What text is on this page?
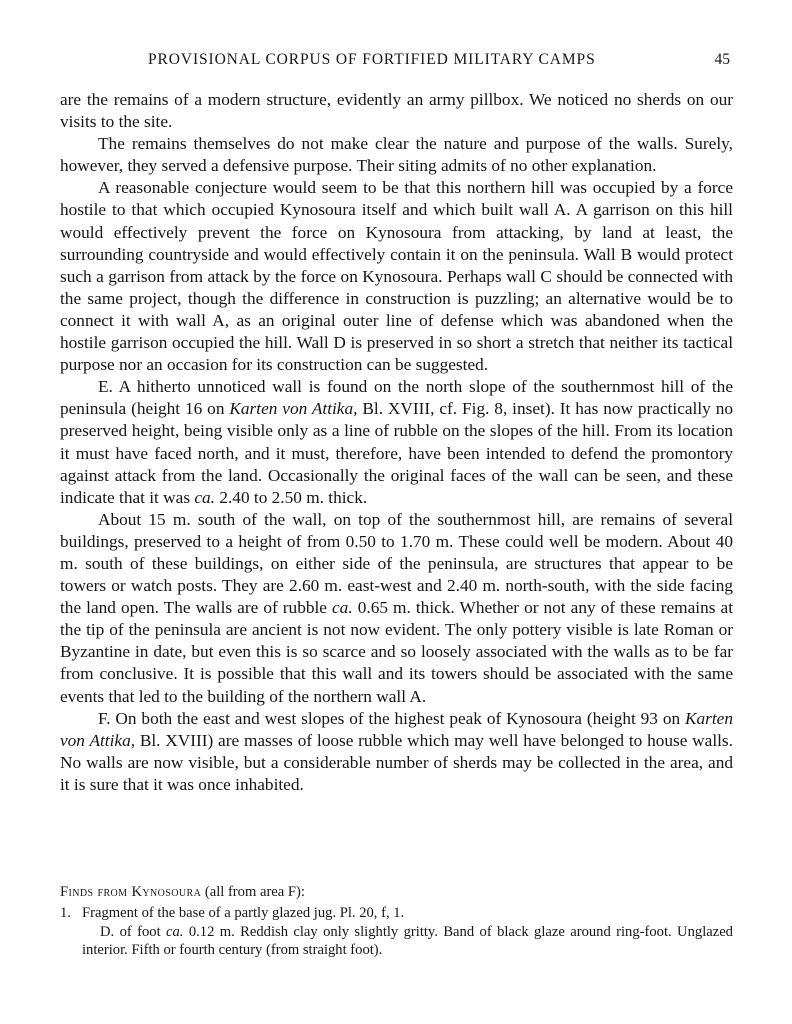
PROVISIONAL CORPUS OF FORTIFIED MILITARY CAMPS	45

are the remains of a modern structure, evidently an army pillbox. We noticed no sherds on our visits to the site.

The remains themselves do not make clear the nature and purpose of the walls. Surely, however, they served a defensive purpose. Their siting admits of no other explanation.

A reasonable conjecture would seem to be that this northern hill was occupied by a force hostile to that which occupied Kynosoura itself and which built wall A. A garrison on this hill would effectively prevent the force on Kynosoura from attacking, by land at least, the surrounding countryside and would effectively contain it on the peninsula. Wall B would protect such a garrison from attack by the force on Kynosoura. Perhaps wall C should be connected with the same project, though the difference in construction is puzzling; an alternative would be to connect it with wall A, as an original outer line of defense which was abandoned when the hostile garrison occupied the hill. Wall D is preserved in so short a stretch that neither its tactical purpose nor an occasion for its construction can be suggested.

E. A hitherto unnoticed wall is found on the north slope of the southernmost hill of the peninsula (height 16 on Karten von Attika, Bl. XVIII, cf. Fig. 8, inset). It has now practically no preserved height, being visible only as a line of rubble on the slopes of the hill. From its location it must have faced north, and it must, therefore, have been intended to defend the promontory against attack from the land. Occasionally the original faces of the wall can be seen, and these indicate that it was ca. 2.40 to 2.50 m. thick.

About 15 m. south of the wall, on top of the southernmost hill, are remains of several buildings, preserved to a height of from 0.50 to 1.70 m. These could well be modern. About 40 m. south of these buildings, on either side of the peninsula, are structures that appear to be towers or watch posts. They are 2.60 m. east-west and 2.40 m. north-south, with the side facing the land open. The walls are of rubble ca. 0.65 m. thick. Whether or not any of these remains at the tip of the peninsula are ancient is not now evident. The only pottery visible is late Roman or Byzantine in date, but even this is so scarce and so loosely associated with the walls as to be far from conclusive. It is possible that this wall and its towers should be associated with the same events that led to the building of the northern wall A.

F. On both the east and west slopes of the highest peak of Kynosoura (height 93 on Karten von Attika, Bl. XVIII) are masses of loose rubble which may well have belonged to house walls. No walls are now visible, but a considerable number of sherds may be collected in the area, and it is sure that it was once inhabited.

Finds from Kynosoura (all from area F):

1. Fragment of the base of a partly glazed jug. Pl. 20, f, 1.

D. of foot ca. 0.12 m. Reddish clay only slightly gritty. Band of black glaze around ring-foot. Unglazed interior. Fifth or fourth century (from straight foot).
